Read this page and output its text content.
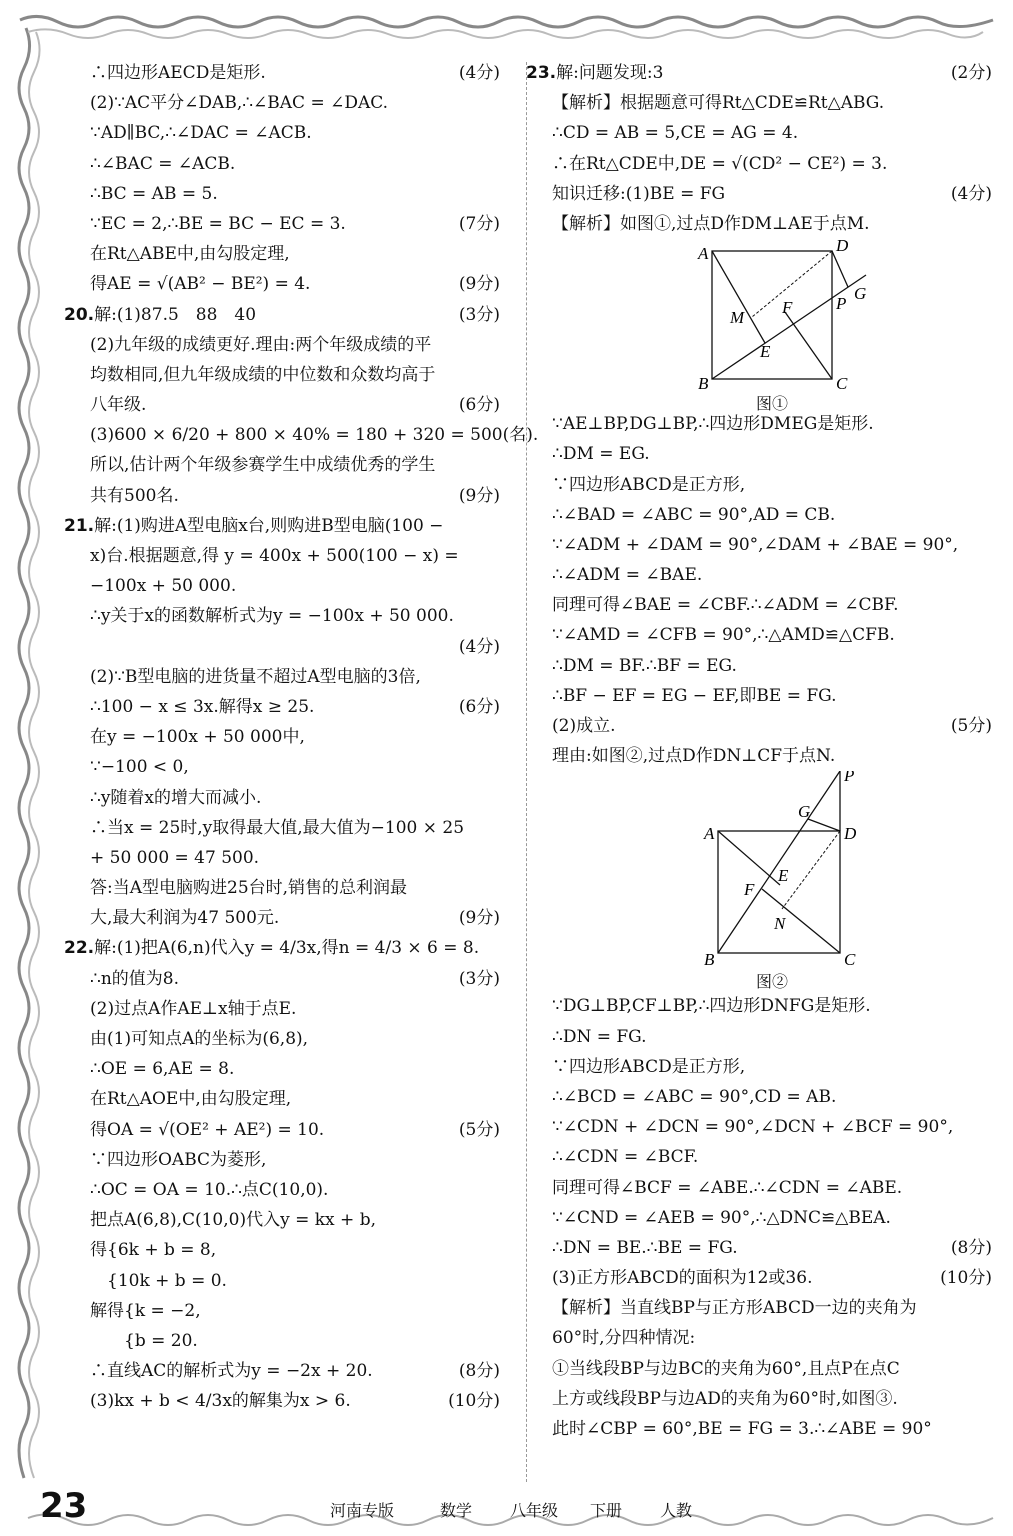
∴四边形AECD是矩形.	(4分)
(2)∵AC平分∠DAB,∴∠BAC = ∠DAC.
∵AD∥BC,∴∠DAC = ∠ACB.
∴∠BAC = ∠ACB.
∴BC = AB = 5.
∵EC = 2,∴BE = BC − EC = 3.	(7分)
在Rt△ABE中,由勾股定理,
得AE = √(AB² − BE²) = 4.	(9分)
20.解:(1)87.5　88　40	(3分)
(2)九年级的成绩更好.理由:两个年级成绩的平
均数相同,但九年级成绩的中位数和众数均高于
八年级.	(6分)
(3)600 × 6/20 + 800 × 40% = 180 + 320 = 500(名).
所以,估计两个年级参赛学生中成绩优秀的学生
共有500名.	(9分)
21.解:(1)购进A型电脑x台,则购进B型电脑(100 −
x)台.根据题意,得 y = 400x + 500(100 − x) =
−100x + 50 000.
∴y关于x的函数解析式为y = −100x + 50 000.
(4分)
(2)∵B型电脑的进货量不超过A型电脑的3倍,
∴100 − x ≤ 3x.解得x ≥ 25.	(6分)
在y = −100x + 50 000中,
∵−100 < 0,
∴y随着x的增大而减小.
∴当x = 25时,y取得最大值,最大值为−100 × 25
+ 50 000 = 47 500.
答:当A型电脑购进25台时,销售的总利润最
大,最大利润为47 500元.	(9分)
22.解:(1)把A(6,n)代入y = 4/3x,得n = 4/3 × 6 = 8.
∴n的值为8.	(3分)
(2)过点A作AE⊥x轴于点E.
由(1)可知点A的坐标为(6,8),
∴OE = 6,AE = 8.
在Rt△AOE中,由勾股定理,
得OA = √(OE² + AE²) = 10.	(5分)
∵四边形OABC为菱形,
∴OC = OA = 10.∴点C(10,0).
把点A(6,8),C(10,0)代入y = kx + b,
得{6k + b = 8,
　{10k + b = 0.
解得{k = −2,
　　{b = 20.
∴直线AC的解析式为y = −2x + 20.	(8分)
(3)kx + b < 4/3x的解集为x > 6.	(10分)
23.解:问题发现:3	(2分)
【解析】根据题意可得Rt△CDE≌Rt△ABG.
∴CD = AB = 5,CE = AG = 4.
∴在Rt△CDE中,DE = √(CD² − CE²) = 3.
知识迁移:(1)BE = FG	(4分)
【解析】如图①,过点D作DM⊥AE于点M.
A	D
G
P
M
F
E
B	C
图①
∵AE⊥BP,DG⊥BP,∴四边形DMEG是矩形.
∴DM = EG.
∵四边形ABCD是正方形,
∴∠BAD = ∠ABC = 90°,AD = CB.
∵∠ADM + ∠DAM = 90°,∠DAM + ∠BAE = 90°,
∴∠ADM = ∠BAE.
同理可得∠BAE = ∠CBF.∴∠ADM = ∠CBF.
∵∠AMD = ∠CFB = 90°,∴△AMD≌△CFB.
∴DM = BF.∴BF = EG.
∴BF − EF = EG − EF,即BE = FG.
(2)成立.	(5分)
理由:如图②,过点D作DN⊥CF于点N.
P
G
A	D
E
F
N
B	C
图②
∵DG⊥BP,CF⊥BP,∴四边形DNFG是矩形.
∴DN = FG.
∵四边形ABCD是正方形,
∴∠BCD = ∠ABC = 90°,CD = AB.
∵∠CDN + ∠DCN = 90°,∠DCN + ∠BCF = 90°,
∴∠CDN = ∠BCF.
同理可得∠BCF = ∠ABE.∴∠CDN = ∠ABE.
∵∠CND = ∠AEB = 90°,∴△DNC≌△BEA.
∴DN = BE.∴BE = FG.	(8分)
(3)正方形ABCD的面积为12或36.	(10分)
【解析】当直线BP与正方形ABCD一边的夹角为
60°时,分四种情况:
①当线段BP与边BC的夹角为60°,且点P在点C
上方或线段BP与边AD的夹角为60°时,如图③.
此时∠CBP = 60°,BE = FG = 3.∴∠ABE = 90°
23	河南专版	数学 八年级 下册 人教
